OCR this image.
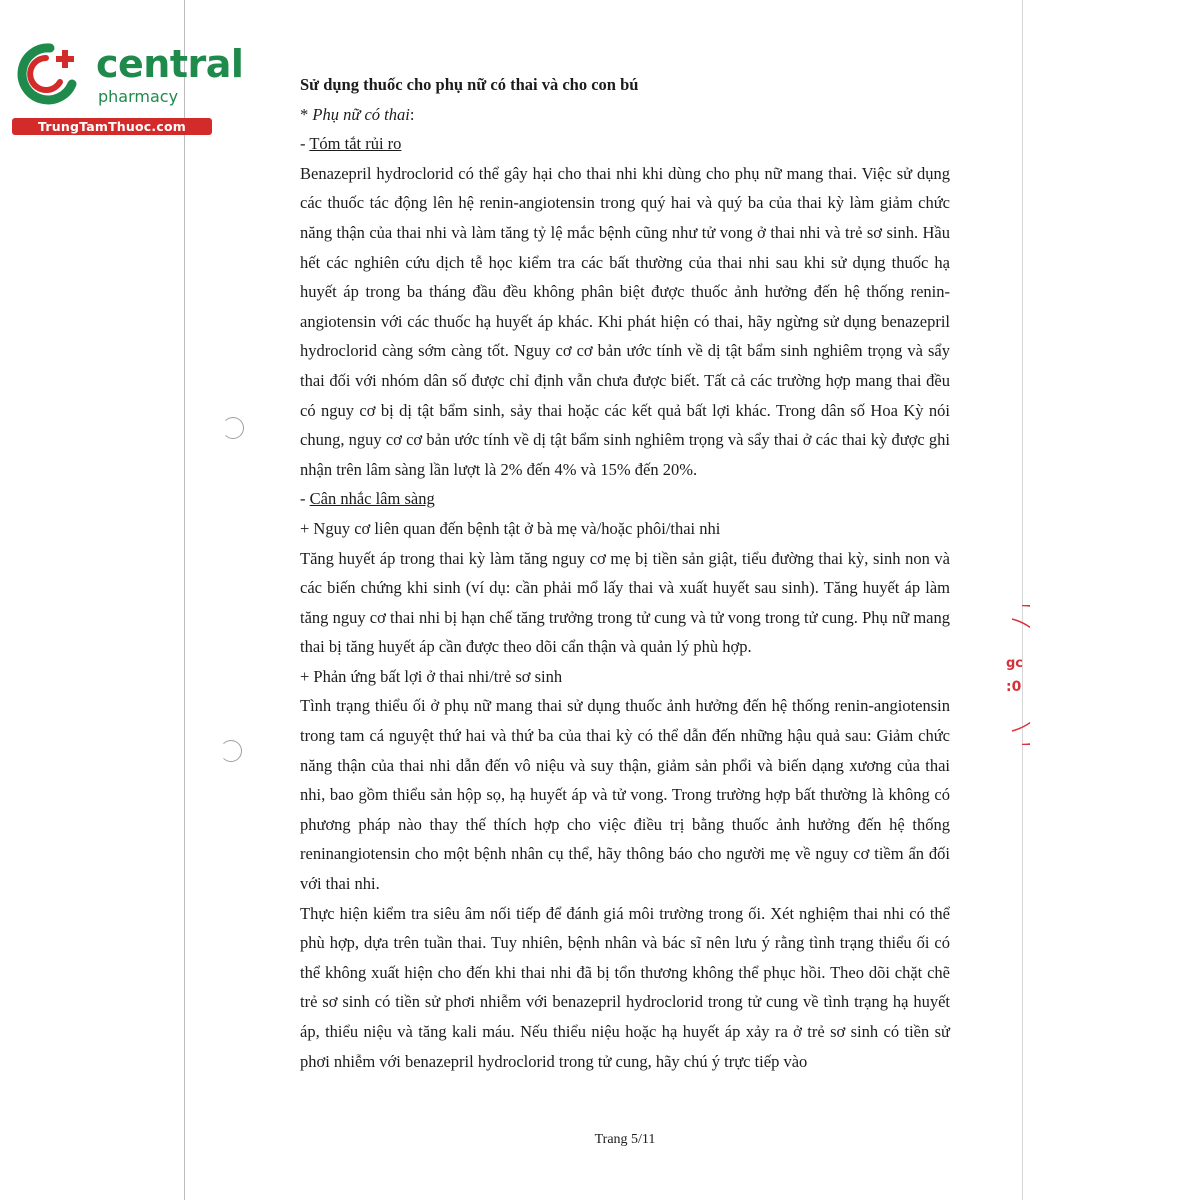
central
pharmacy
TrungTamThuoc.com
gc
:0

Sử dụng thuốc cho phụ nữ có thai và cho con bú

* Phụ nữ có thai:

- Tóm tắt rủi ro

Benazepril hydroclorid có thể gây hại cho thai nhi khi dùng cho phụ nữ mang thai. Việc sử dụng các thuốc tác động lên hệ renin-angiotensin trong quý hai và quý ba của thai kỳ làm giảm chức năng thận của thai nhi và làm tăng tỷ lệ mắc bệnh cũng như tử vong ở thai nhi và trẻ sơ sinh. Hầu hết các nghiên cứu dịch tễ học kiểm tra các bất thường của thai nhi sau khi sử dụng thuốc hạ huyết áp trong ba tháng đầu đều không phân biệt được thuốc ảnh hưởng đến hệ thống renin-angiotensin với các thuốc hạ huyết áp khác. Khi phát hiện có thai, hãy ngừng sử dụng benazepril hydroclorid càng sớm càng tốt. Nguy cơ cơ bản ước tính về dị tật bẩm sinh nghiêm trọng và sẩy thai đối với nhóm dân số được chỉ định vẫn chưa được biết. Tất cả các trường hợp mang thai đều có nguy cơ bị dị tật bẩm sinh, sảy thai hoặc các kết quả bất lợi khác. Trong dân số Hoa Kỳ nói chung, nguy cơ cơ bản ước tính về dị tật bẩm sinh nghiêm trọng và sẩy thai ở các thai kỳ được ghi nhận trên lâm sàng lần lượt là 2% đến 4% và 15% đến 20%.

- Cân nhắc lâm sàng

+ Nguy cơ liên quan đến bệnh tật ở bà mẹ và/hoặc phôi/thai nhi

Tăng huyết áp trong thai kỳ làm tăng nguy cơ mẹ bị tiền sản giật, tiểu đường thai kỳ, sinh non và các biến chứng khi sinh (ví dụ: cần phải mổ lấy thai và xuất huyết sau sinh). Tăng huyết áp làm tăng nguy cơ thai nhi bị hạn chế tăng trưởng trong tử cung và tử vong trong tử cung. Phụ nữ mang thai bị tăng huyết áp cần được theo dõi cẩn thận và quản lý phù hợp.

+ Phản ứng bất lợi ở thai nhi/trẻ sơ sinh

Tình trạng thiểu ối ở phụ nữ mang thai sử dụng thuốc ảnh hưởng đến hệ thống renin-angiotensin trong tam cá nguyệt thứ hai và thứ ba của thai kỳ có thể dẫn đến những hậu quả sau: Giảm chức năng thận của thai nhi dẫn đến vô niệu và suy thận, giảm sản phổi và biến dạng xương của thai nhi, bao gồm thiểu sản hộp sọ, hạ huyết áp và tử vong. Trong trường hợp bất thường là không có phương pháp nào thay thế thích hợp cho việc điều trị bằng thuốc ảnh hưởng đến hệ thống reninangiotensin cho một bệnh nhân cụ thể, hãy thông báo cho người mẹ về nguy cơ tiềm ẩn đối với thai nhi.

Thực hiện kiểm tra siêu âm nối tiếp để đánh giá môi trường trong ối. Xét nghiệm thai nhi có thể phù hợp, dựa trên tuần thai. Tuy nhiên, bệnh nhân và bác sĩ nên lưu ý rằng tình trạng thiểu ối có thể không xuất hiện cho đến khi thai nhi đã bị tổn thương không thể phục hồi. Theo dõi chặt chẽ trẻ sơ sinh có tiền sử phơi nhiễm với benazepril hydroclorid trong tử cung về tình trạng hạ huyết áp, thiểu niệu và tăng kali máu. Nếu thiểu niệu hoặc hạ huyết áp xảy ra ở trẻ sơ sinh có tiền sử phơi nhiễm với benazepril hydroclorid trong tử cung, hãy chú ý trực tiếp vào

Trang 5/11
